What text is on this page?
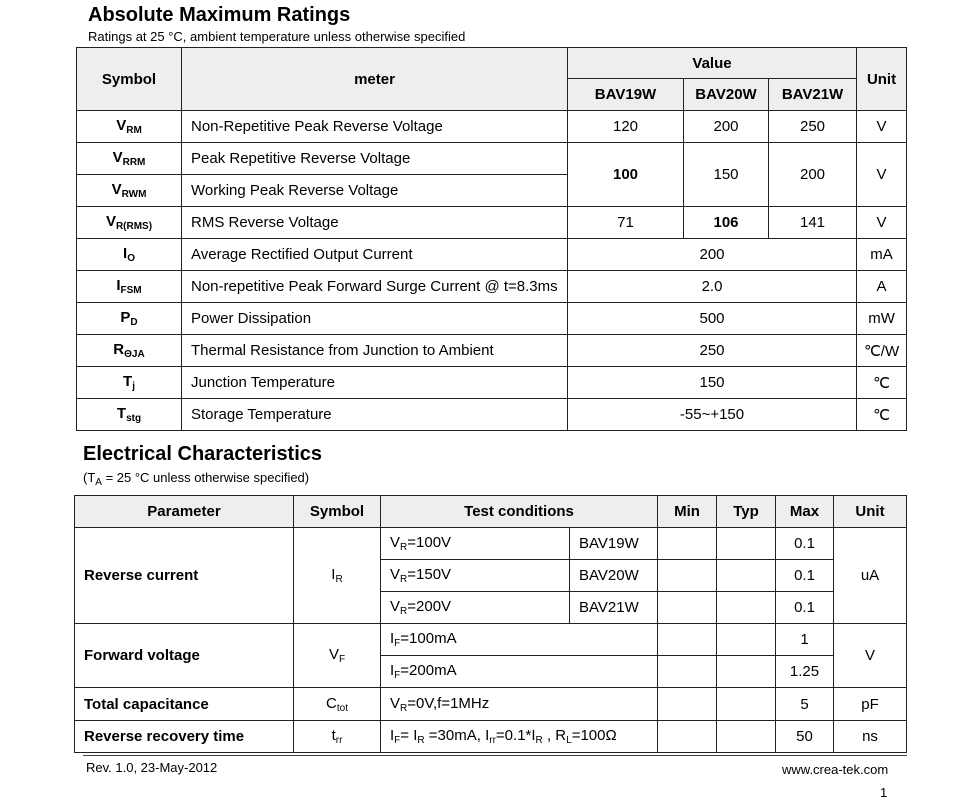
Absolute Maximum Ratings
Ratings at 25 °C, ambient temperature unless otherwise specified
Symbol	meter	Value			Unit
		BAV19W	BAV20W	BAV21W	
$V_{RM}$	Non-Repetitive Peak Reverse Voltage	120	200	250	V
$V_{RRM}$	Peak Repetitive Reverse Voltage	100	150	200	V
$V_{RWM}$	Working Peak Reverse Voltage				
$V_{R(RMS)}$	RMS Reverse Voltage	71	106	141	V
$I_O$	Average Rectified Output Current	200			mA
$I_{FSM}$	Non-repetitive Peak Forward Surge Current @ t=8.3ms	2.0			A
$P_D$	Power Dissipation	500			mW
$R_{\Theta JA}$	Thermal Resistance from Junction to Ambient	250			℃/W
$T_j$	Junction Temperature	150			℃
$T_{stg}$	Storage Temperature	-55~+150			℃
Electrical Characteristics
($T_A = 25$ °C unless otherwise specified)
Parameter	Symbol	Test conditions		Min	Typ	Max	Unit
Reverse current	$I_R$	$V_R=100V$	BAV19W			0.1	uA
		$V_R=150V$	BAV20W			0.1	
		$V_R=200V$	BAV21W			0.1	
Forward voltage	$V_F$	$I_F=100mA$				1	V
		$I_F=200mA$				1.25	
Total capacitance	$C_{tot}$	$V_R=0V,f=1MHz$				5	pF
Reverse recovery time	$t_{rr}$	$I_F= I_R =30mA$, $I_{rr}=0.1*I_R$ , $R_L=100\Omega$				50	ns
Rev. 1.0, 23-May-2012	www.crea-tek.com
1
